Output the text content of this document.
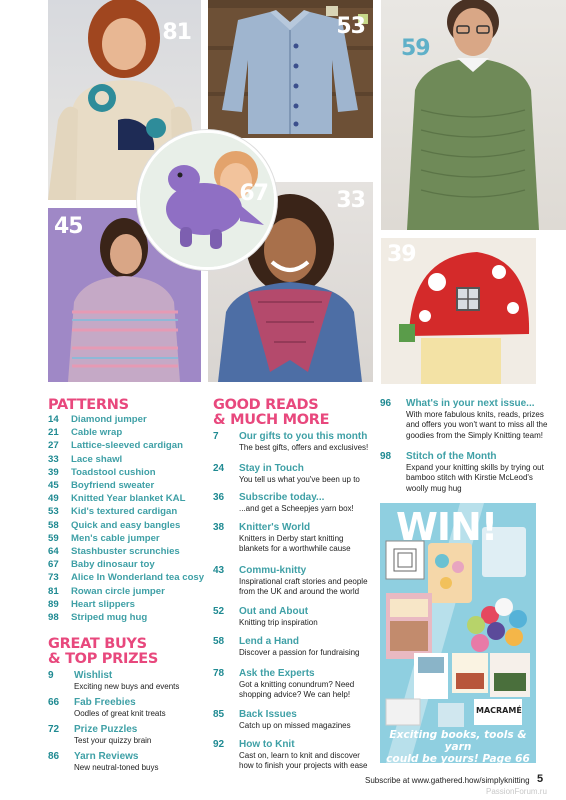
81	53
59
33
45
39
67
PATTERNS
14	Diamond jumper
21	Cable wrap
27	Lattice-sleeved cardigan
33	Lace shawl
39	Toadstool cushion
45	Boyfriend sweater
49	Knitted Year blanket KAL
53	Kid's textured cardigan
58	Quick and easy bangles
59	Men's cable jumper
64	Stashbuster scrunchies
67	Baby dinosaur toy
73	Alice In Wonderland tea cosy
81	Rowan circle jumper
89	Heart slippers
98	Striped mug hug
GREAT BUYS
& TOP PRIZES
9	Wishlist
Exciting new buys and events
66	Fab Freebies
Oodles of great knit treats
72	Prize Puzzles
Test your quizzy brain
86	Yarn Reviews
New neutral-toned buys
GOOD READS
& MUCH MORE
7	Our gifts to you this month
The best gifts, offers and exclusives!
24	Stay in Touch
You tell us what you've been up to
36	Subscribe today...
...and get a Scheepjes yarn box!
38	Knitter's World
Knitters in Derby start knitting blankets for a worthwhile cause
43	Commu-knitty
Inspirational craft stories and people from the UK and around the world
52	Out and About
Knitting trip inspiration
58	Lend a Hand
Discover a passion for fundraising
78	Ask the Experts
Got a knitting conundrum? Need shopping advice? We can help!
85	Back Issues
Catch up on missed magazines
92	How to Knit
Cast on, learn to knit and discover how to finish your projects with ease
96	What's in your next issue...
With more fabulous knits, reads, prizes and offers you won't want to miss all the goodies from the Simply Knitting team!
98	Stitch of the Month
Expand your knitting skills by trying out bamboo stitch with Kirstie McLeod's woolly mug hug
WIN!
MACRAMÉ
Exciting books, tools & yarn
could be yours! Page 66
Subscribe at www.gathered.how/simplyknitting 5
PassionForum.ru
